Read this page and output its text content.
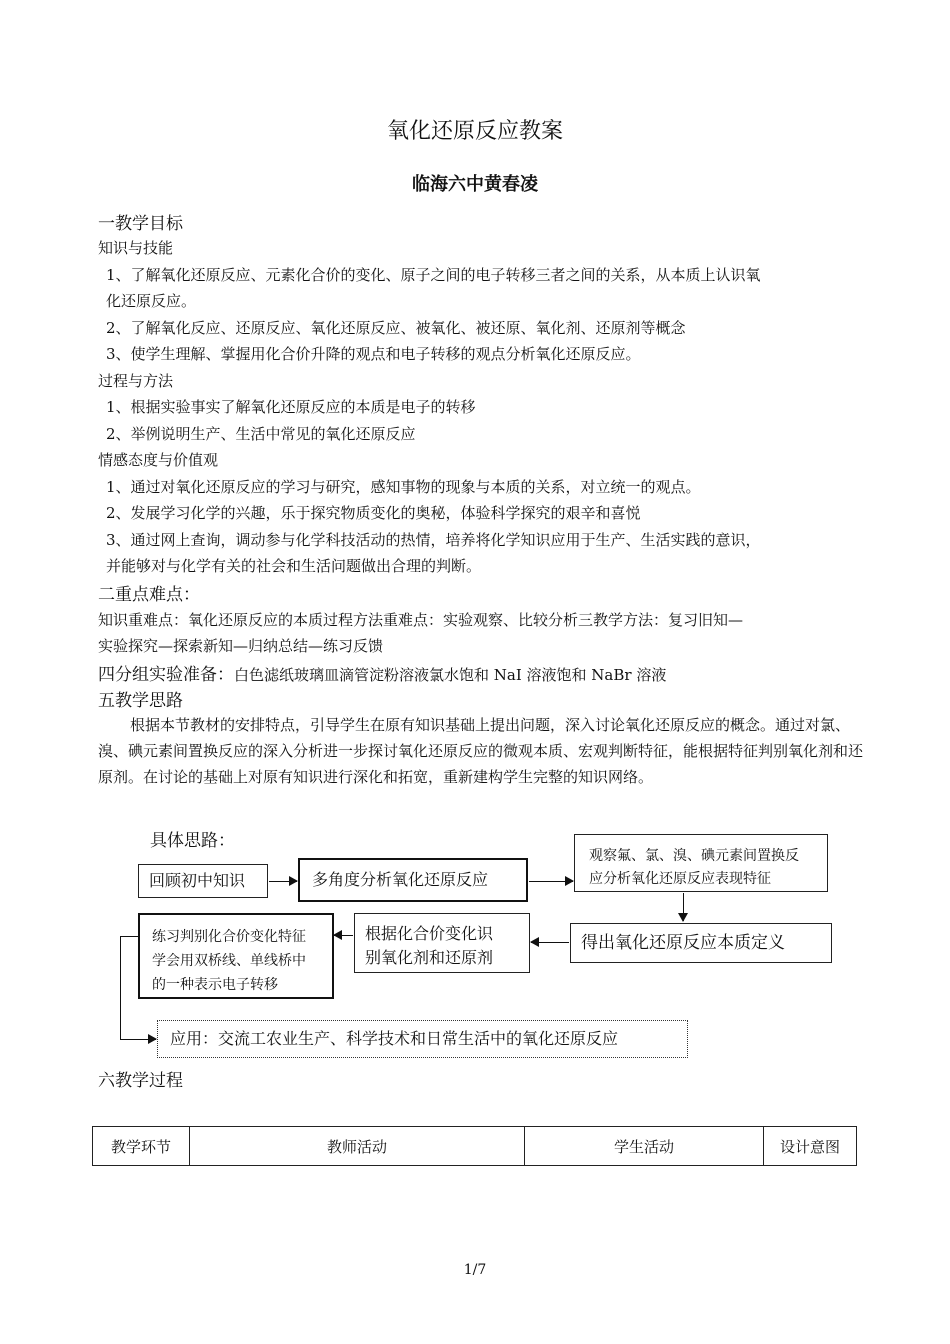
氧化还原反应教案
临海六中黄春凌
一教学目标
知识与技能
1、了解氧化还原反应、元素化合价的变化、原子之间的电子转移三者之间的关系，从本质上认识氧
化还原反应。
2、了解氧化反应、还原反应、氧化还原反应、被氧化、被还原、氧化剂、还原剂等概念
3、使学生理解、掌握用化合价升降的观点和电子转移的观点分析氧化还原反应。
过程与方法
1、根据实验事实了解氧化还原反应的本质是电子的转移
2、举例说明生产、生活中常见的氧化还原反应
情感态度与价值观
1、通过对氧化还原反应的学习与研究，感知事物的现象与本质的关系，对立统一的观点。
2、发展学习化学的兴趣，乐于探究物质变化的奥秘，体验科学探究的艰辛和喜悦
3、通过网上查询，调动参与化学科技活动的热情，培养将化学知识应用于生产、生活实践的意识，
并能够对与化学有关的社会和生活问题做出合理的判断。
二重点难点：
知识重难点：氧化还原反应的本质过程方法重难点：实验观察、比较分析三教学方法：复习旧知—
实验探究—探索新知—归纳总结—练习反馈
四分组实验准备：白色滤纸玻璃皿滴管淀粉溶液氯水饱和 NaI 溶液饱和 NaBr 溶液
五教学思路
根据本节教材的安排特点，引导学生在原有知识基础上提出问题，深入讨论氧化还原反应的概念。通过对氯、溴、碘元素间置换反应的深入分析进一步探讨氧化还原反应的微观本质、宏观判断特征，能根据特征判别氧化剂和还原剂。在讨论的基础上对原有知识进行深化和拓宽，重新建构学生完整的知识网络。
具体思路：
回顾初中知识	多角度分析氧化还原反应
观察氟、氯、溴、碘元素间置换反
应分析氧化还原反应表现特征
得出氧化还原反应本质定义
根据化合价变化识
别氧化剂和还原剂
练习判别化合价变化特征
学会用双桥线、单线桥中
的一种表示电子转移
应用：交流工农业生产、科学技术和日常生活中的氧化还原反应
六教学过程
教学环节	教师活动	学生活动	设计意图
1/7
